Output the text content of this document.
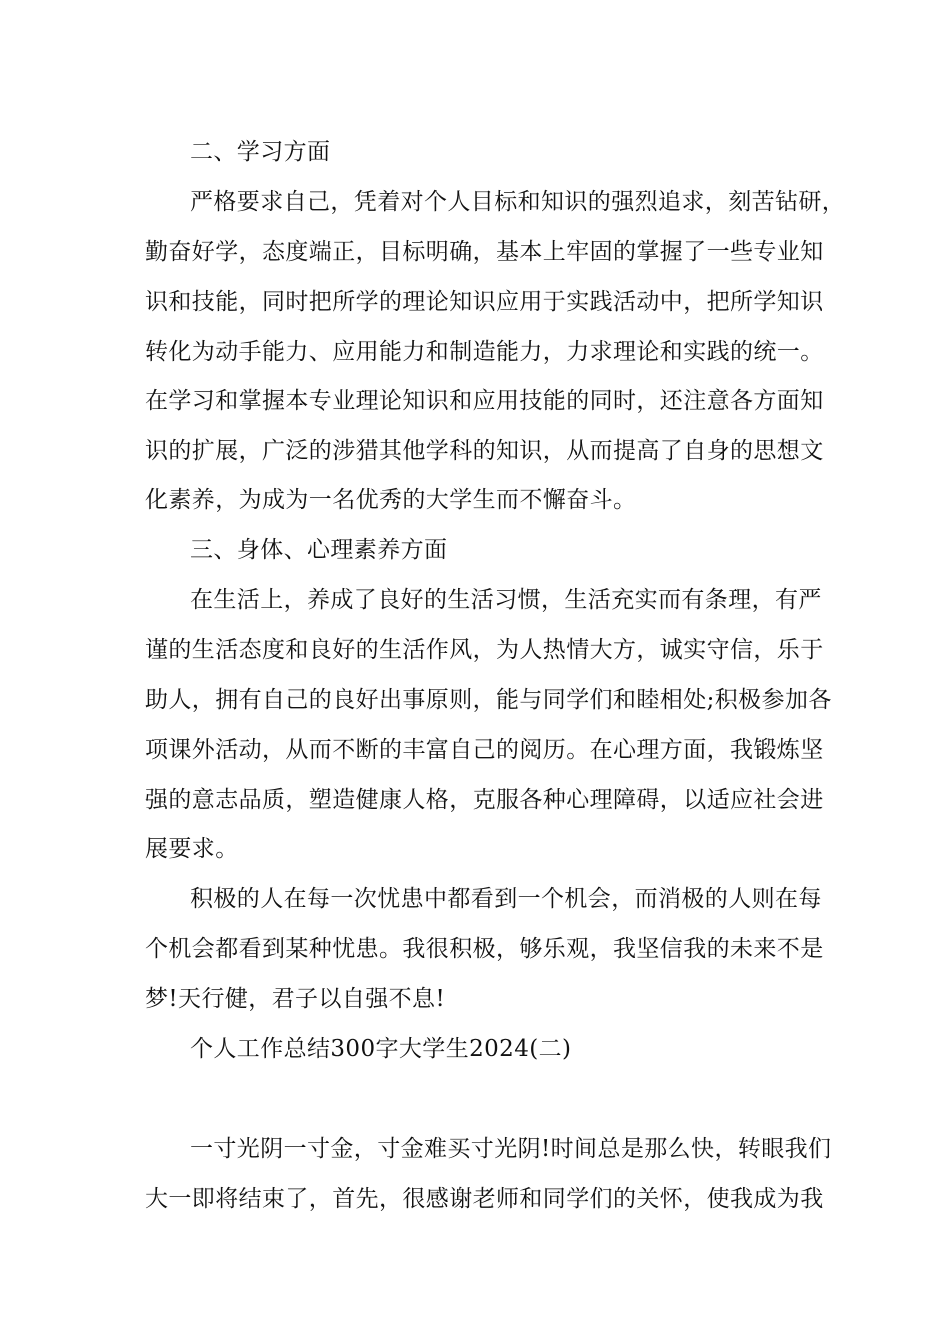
二、学习方面
严格要求自己，凭着对个人目标和知识的强烈追求，刻苦钻研，
勤奋好学，态度端正，目标明确，基本上牢固的掌握了一些专业知
识和技能，同时把所学的理论知识应用于实践活动中，把所学知识
转化为动手能力、应用能力和制造能力，力求理论和实践的统一。
在学习和掌握本专业理论知识和应用技能的同时，还注意各方面知
识的扩展，广泛的涉猎其他学科的知识，从而提高了自身的思想文
化素养，为成为一名优秀的大学生而不懈奋斗。
三、身体、心理素养方面
在生活上，养成了良好的生活习惯，生活充实而有条理，有严
谨的生活态度和良好的生活作风，为人热情大方，诚实守信，乐于
助人，拥有自己的良好出事原则，能与同学们和睦相处;积极参加各
项课外活动，从而不断的丰富自己的阅历。在心理方面，我锻炼坚
强的意志品质，塑造健康人格，克服各种心理障碍，以适应社会进
展要求。
积极的人在每一次忧患中都看到一个机会，而消极的人则在每
个机会都看到某种忧患。我很积极，够乐观，我坚信我的未来不是
梦!天行健，君子以自强不息!
个人工作总结300字大学生2024(二)
一寸光阴一寸金，寸金难买寸光阴!时间总是那么快，转眼我们
大一即将结束了，首先，很感谢老师和同学们的关怀，使我成为我
